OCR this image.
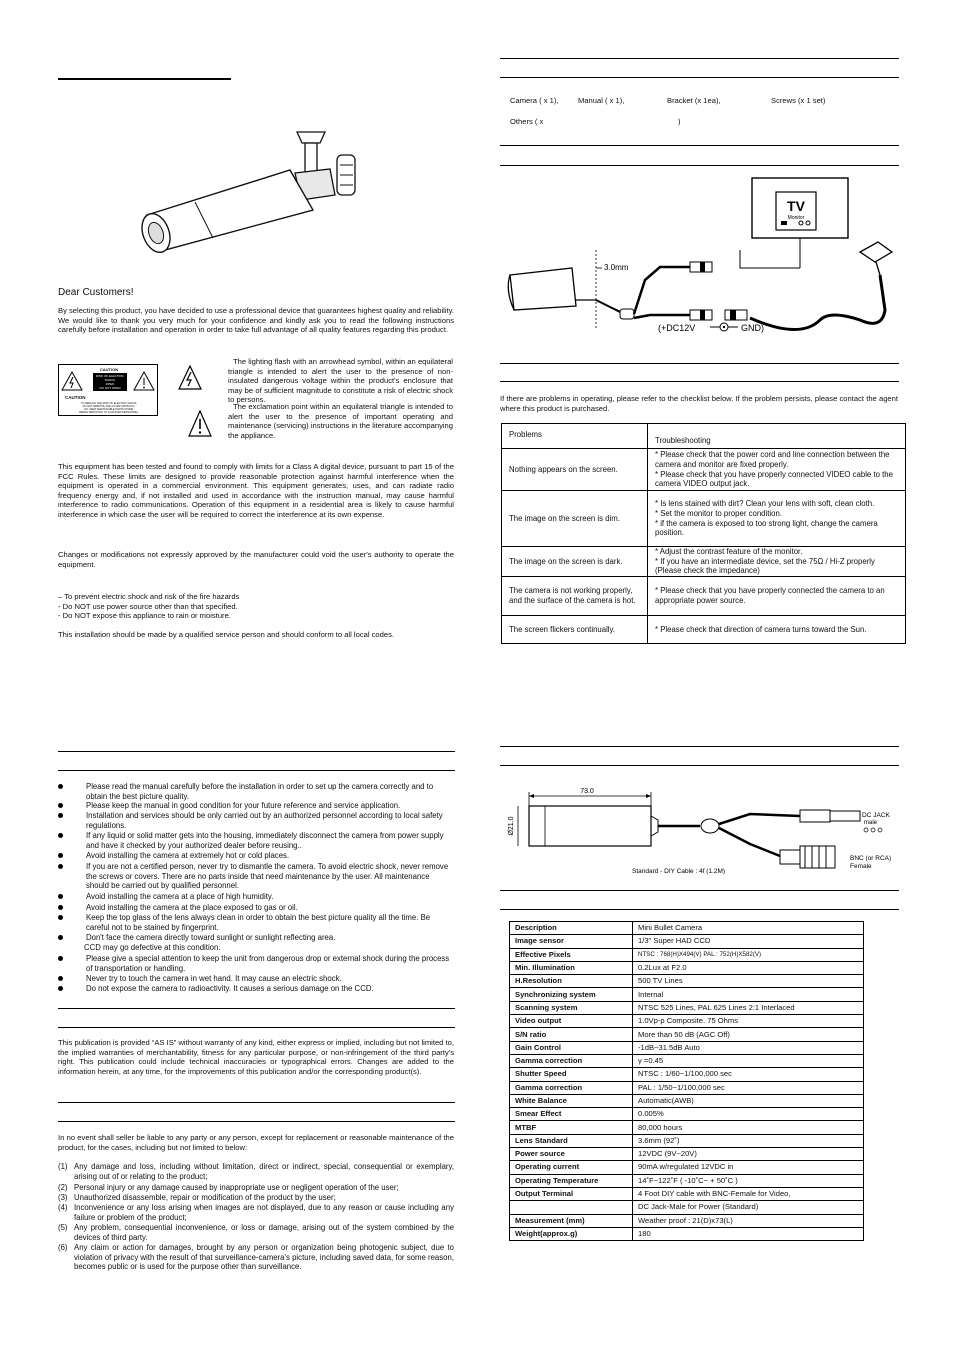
Dear Customers!
By selecting this product, you have decided to use a professional device that guarantees highest quality and reliability. We would like to thank you very much for your confidence and kindly ask you to read the following instructions carefully before installation and operation in order to take full advantage of all quality features regarding this product.
CAUTION
RISK OF ELECTRIC SHOCK
OPEN
DO NOT OPEN
CAUTION
TO REDUCE THE RISK OF ELECTRIC SHOCK,
DO NOT REMOVE THE COVER (OR BACK).
NO USER SERVICEABLE PARTS INSIDE.
REFER SERVICING TO QUALIFIED PERSONNEL.
The lighting flash with an arrowhead symbol, within an equilateral triangle is intended to alert the user to the presence of non-insulated dangerous voltage within the product's enclosure that may be of sufficient magnitude to constitute a risk of electric shock to persons.
The exclamation point within an equilateral triangle is intended to alert the user to the presence of important operating and maintenance (servicing) instructions in the literature accompanying the appliance.
This equipment has been tested and found to comply with limits for a Class A digital device, pursuant to part 15 of the FCC Rules. These limits are designed to provide reasonable protection against harmful interference when the equipment is operated in a commercial environment. This equipment generates, uses, and can radiate radio frequency energy and, if not installed and used in accordance with the instruction manual, may cause harmful interference to radio communications. Operation of this equipment in a residential area is likely to cause harmful interference in which case the user will be required to correct the interference at its own expense.
Changes or modifications not expressly approved by the manufacturer could void the user's authority to operate the equipment.
– To prevent electric shock and risk of the fire hazards
- Do NOT use power source other than that specified.
- Do NOT expose this appliance to rain or moisture.
This installation should be made by a qualified service person and should conform to all local codes.
Please read the manual carefully before the installation in order to set up the camera correctly and to obtain the best picture quality.
Please keep the manual in good condition for your future reference and service application.
Installation and services should be only carried out by an authorized personnel according to local safety regulations.
If any liquid or solid matter gets into the housing, immediately disconnect the camera from power supply and have it checked by your authorized dealer before reusing..
Avoid installing the camera at extremely hot or cold places.
If you are not a certified person, never try to dismantle the camera. To avoid electric shock, never remove the screws or covers. There are no parts inside that need maintenance by the user. All maintenance should be carried out by qualified personnel.
Avoid installing the camera at a place of high humidity.
Avoid installing the camera at the place exposed to gas or oil.
Keep the top glass of the lens always clean in order to obtain the best picture quality all the time. Be careful not to be stained by fingerprint.
Don't face the camera directly toward sunlight or sunlight reflecting area.
CCD may go defective at this condition.
Please give a special attention to keep the unit from dangerous drop or external shock during the process of transportation or handling.
Never try to touch the camera in wet hand. It may cause an electric shock.
Do not expose the camera to radioactivity. It causes a serious damage on the CCD.
This publication is provided “AS IS” without warranty of any kind, either express or implied, including but not limited to, the implied warranties of merchantability, fitness for any particular purpose, or non-infringement of the third party's right. This publication could include technical inaccuracies or typographical errors. Changes are added to the information herein, at any time, for the improvements of this publication and/or the corresponding product(s).
In no event shall seller be liable to any party or any person, except for replacement or reasonable maintenance of the product, for the cases, including but not limited to below:
(1) Any damage and loss, including without limitation, direct or indirect, special, consequential or exemplary, arising out of or relating to the product;
(2) Personal injury or any damage caused by inappropriate use or negligent operation of the user;
(3) Unauthorized disassemble, repair or modification of the product by the user;
(4) Inconvenience or any loss arising when images are not displayed, due to any reason or cause including any failure or problem of the product;
(5) Any problem, consequential inconvenience, or loss or damage, arising out of the system combined by the devices of third party.
(6) Any claim or action for damages, brought by any person or organization being photogenic subject, due to violation of privacy with the result of that surveillance-camera's picture, including saved data, for some reason, becomes public or is used for the purpose other than surveillance.
Camera ( x 1),	Manual ( x 1),	Bracket (x 1ea),	Screws (x 1 set)
Others ( x	)
TV
Monitor
3.0mm
(+DC12V	GND)
If there are problems in operating, please refer to the checklist below. If the problem persists, please contact the agent where this product is purchased.
Problems	Troubleshooting
Nothing appears on the screen.	* Please check that the power cord and line connection between the camera and monitor are fixed properly.
* Please check that you have properly connected VIDEO cable to the camera VIDEO output jack.
The image on the screen is dim.	* Is lens stained with dirt? Clean your lens with soft, clean cloth.
* Set the monitor to proper condition.
* if the camera is exposed to too strong light, change the camera position.
The image on the screen is dark.	* Adjust the contrast feature of the monitor.
* If you have an intermediate device, set the 75Ω / Hi-Z properly (Please check the impedance)
The camera is not working properly, and the surface of the camera is hot.	* Please check that you have properly connected the camera to an appropriate power source.
The screen flickers continually.	* Please check that direction of camera turns toward the Sun.
73.0
Ø21.0
DC JACK
male
BNC (or RCA)
Female
Standard - DIY Cable : 4f (1.2M)
Description	Mini Bullet Camera
Image sensor	1/3" Super HAD CCD
Effective Pixels	NTSC : 768(H)X494(V) PAL : 752(H)X582(V)
Min. Illumination	0.2Lux at F2.0
H.Resolution	500 TV Lines
Synchronizing system	Internal
Scanning system	NTSC 525 Lines, PAL 625 Lines 2:1 Interlaced
Video output	1.0Vp-p Composite. 75 Ohms
S/N ratio	More than 50 dB (AGC Off)
Gain Control	-1dB~31.5dB Auto
Gamma correction	γ =0.45
Shutter Speed	NTSC : 1/60~1/100,000 sec
Gamma correction	PAL : 1/50~1/100,000 sec
White Balance	Automatic(AWB)
Smear Effect	0.005%
MTBF	80,000 hours
Lens Standard	3.6mm (92˚)
Power source	12VDC (9V~20V)
Operating current	90mA w/regulated 12VDC in
Operating Temperature	14˚F~122˚F ( -10˚C~ + 50˚C )
Output Terminal	4 Foot DIY cable with BNC-Female for Video,
	DC Jack-Male for Power (Standard)
Measurement (mm)	Weather proof : 21(D)x73(L)
Weight(approx.g)	180
